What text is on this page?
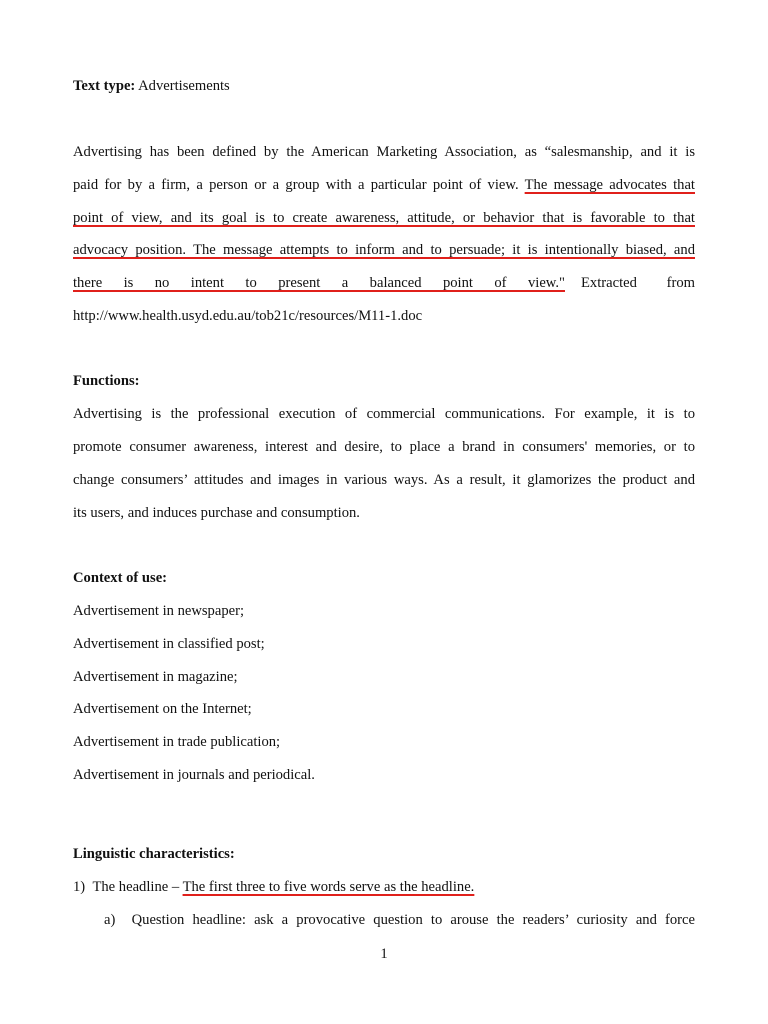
Text type: Advertisements
Advertising has been defined by the American Marketing Association, as “salesmanship, and it is
paid for by a firm, a person or a group with a particular point of view. The message advocates that
point of view, and its goal is to create awareness, attitude, or behavior that is favorable to that
advocacy position. The message attempts to inform and to persuade; it is intentionally biased, and
there is no intent to present a balanced point of view." Extracted from
http://www.health.usyd.edu.au/tob21c/resources/M11-1.doc
Functions:
Advertising is the professional execution of commercial communications. For example, it is to
promote consumer awareness, interest and desire, to place a brand in consumers' memories, or to
change consumers’ attitudes and images in various ways. As a result, it glamorizes the product and
its users, and induces purchase and consumption.
Context of use:
Advertisement in newspaper;
Advertisement in classified post;
Advertisement in magazine;
Advertisement on the Internet;
Advertisement in trade publication;
Advertisement in journals and periodical.
Linguistic characteristics:
1)  The headline – The first three to five words serve as the headline.
a)  Question headline: ask a provocative question to arouse the readers’ curiosity and force
1
